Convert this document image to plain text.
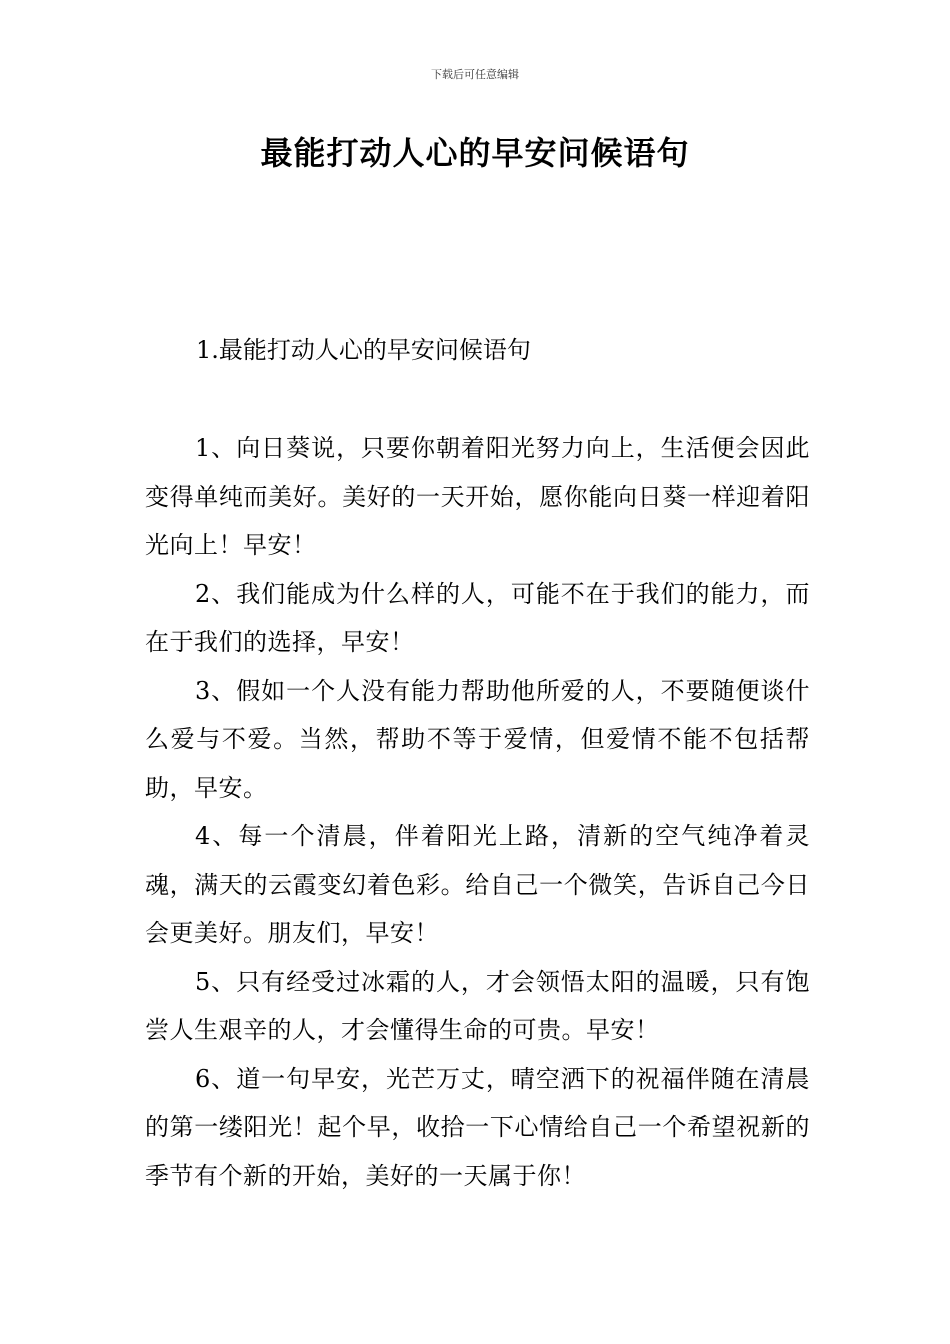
下载后可任意编辑
最能打动人心的早安问候语句
1.最能打动人心的早安问候语句

1、向日葵说，只要你朝着阳光努力向上，生活便会因此变得单纯而美好。美好的一天开始，愿你能向日葵一样迎着阳光向上！早安！

2、我们能成为什么样的人，可能不在于我们的能力，而在于我们的选择，早安！

3、假如一个人没有能力帮助他所爱的人，不要随便谈什么爱与不爱。当然，帮助不等于爱情，但爱情不能不包括帮助，早安。

4、每一个清晨，伴着阳光上路，清新的空气纯净着灵魂，满天的云霞变幻着色彩。给自己一个微笑，告诉自己今日会更美好。朋友们，早安！

5、只有经受过冰霜的人，才会领悟太阳的温暖，只有饱尝人生艰辛的人，才会懂得生命的可贵。早安！

6、道一句早安，光芒万丈，晴空洒下的祝福伴随在清晨的第一缕阳光！起个早，收拾一下心情给自己一个希望祝新的季节有个新的开始，美好的一天属于你！
